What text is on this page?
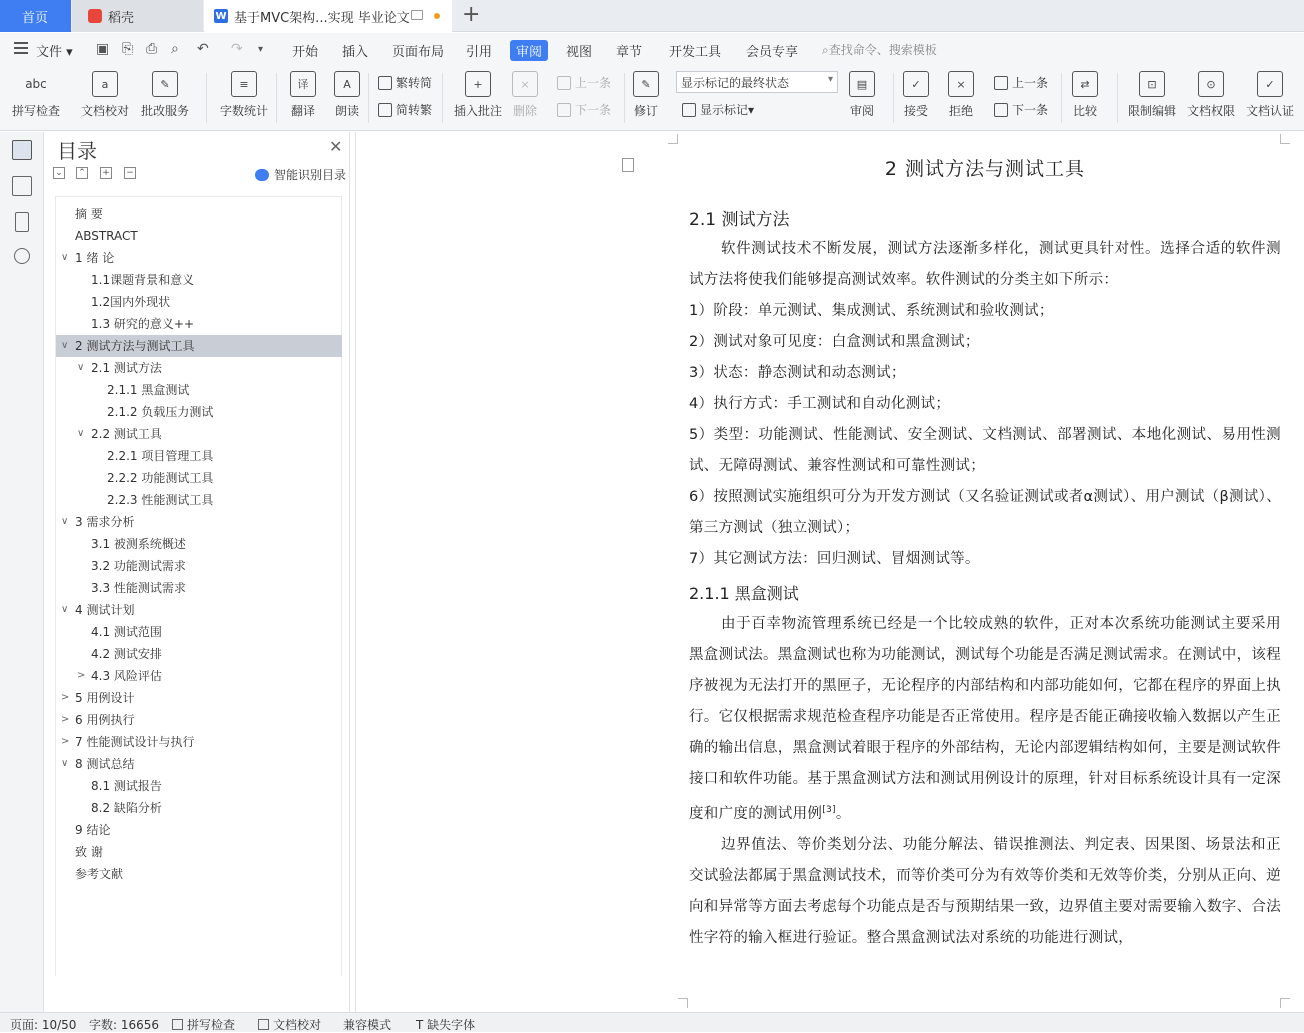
首页	稻壳	W 基于MVC架构...实现 毕业论文 +
文件 ▾ ▣ ⎘ ⎙ ⌕ ↶ ↷ ▾ 开始 插入 页面布局 引用	审阅	视图 章节 开发工具 会员专享 ⌕查找命令、搜索模板
abc
拼写检查
a
文档校对
✎
批改服务
≡
字数统计
译
翻译
A
朗读
繁转简
简转繁
+
插入批注
×
删除
上一条
下一条
✎
修订
显示标记的最终状态 ▾
显示标记 ▾
▤
审阅
✓
接受
×
拒绝
上一条
下一条
⇄
比较
⊡
限制编辑
⊙
文档权限
✓
文档认证
目录	✕
⌄ ⌃ + −	智能识别目录
摘 要
ABSTRACT
∨ 1 绪 论
1.1课题背景和意义
1.2国内外现状
1.3 研究的意义++
∨ 2 测试方法与测试工具
∨ 2.1 测试方法
2.1.1 黑盒测试
2.1.2 负载压力测试
∨ 2.2 测试工具
2.2.1 项目管理工具
2.2.2 功能测试工具
2.2.3 性能测试工具
∨ 3 需求分析
3.1 被测系统概述
3.2 功能测试需求
3.3 性能测试需求
∨ 4 测试计划
4.1 测试范围
4.2 测试安排
> 4.3 风险评估
> 5 用例设计
> 6 用例执行
> 7 性能测试设计与执行
∨ 8 测试总结
8.1 测试报告
8.2 缺陷分析
9 结论
致 谢
参考文献
2 测试方法与测试工具
2.1 测试方法

软件测试技术不断发展，测试方法逐渐多样化，测试更具针对性。选择合适的软件测试方法将使我们能够提高测试效率。软件测试的分类主如下所示：

1）阶段：单元测试、集成测试、系统测试和验收测试；

2）测试对象可见度：白盒测试和黑盒测试；

3）状态：静态测试和动态测试；

4）执行方式：手工测试和自动化测试；

5）类型：功能测试、性能测试、安全测试、文档测试、部署测试、本地化测试、易用性测试、无障碍测试、兼容性测试和可靠性测试；

6）按照测试实施组织可分为开发方测试（又名验证测试或者α测试）、用户测试（β测试）、第三方测试（独立测试）；

7）其它测试方法：回归测试、冒烟测试等。

2.1.1 黑盒测试

由于百幸物流管理系统已经是一个比较成熟的软件，正对本次系统功能测试主要采用黑盒测试法。黑盒测试也称为功能测试，测试每个功能是否满足测试需求。在测试中，该程序被视为无法打开的黑匣子，无论程序的内部结构和内部功能如何，它都在程序的界面上执行。它仅根据需求规范检查程序功能是否正常使用。程序是否能正确接收输入数据以产生正确的输出信息，黑盒测试着眼于程序的外部结构，无论内部逻辑结构如何，主要是测试软件接口和软件功能。基于黑盒测试方法和测试用例设计的原理，针对目标系统设计具有一定深度和广度的测试用例[3]。

边界值法、等价类划分法、功能分解法、错误推测法、判定表、因果图、场景法和正交试验法都属于黑盒测试技术，而等价类可分为有效等价类和无效等价类，分别从正向、逆向和异常等方面去考虑每个功能点是否与预期结果一致，边界值主要对需要输入数字、合法性字符的输入框进行验证。整合黑盒测试法对系统的功能进行测试，

页面: 10/50 字数: 16656	拼写检查	文档校对 兼容模式 T 缺失字体
